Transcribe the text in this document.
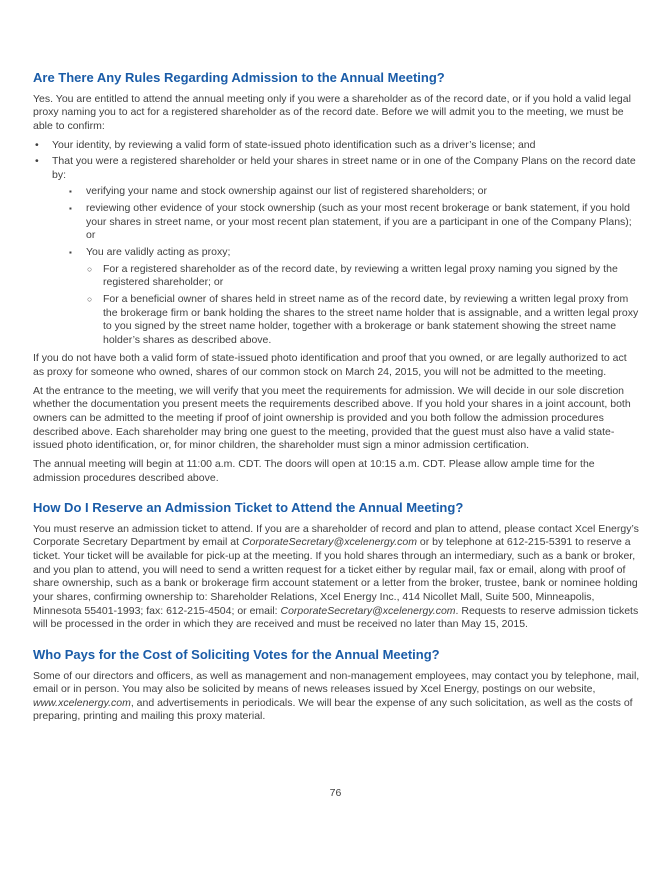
Are There Any Rules Regarding Admission to the Annual Meeting?

Yes. You are entitled to attend the annual meeting only if you were a shareholder as of the record date, or if you hold a valid legal proxy naming you to act for a registered shareholder as of the record date. Before we will admit you to the meeting, we must be able to confirm:

•	Your identity, by reviewing a valid form of state-issued photo identification such as a driver’s license; and
•	That you were a registered shareholder or held your shares in street name or in one of the Company Plans on the record date by:
▪	verifying your name and stock ownership against our list of registered shareholders; or
▪	reviewing other evidence of your stock ownership (such as your most recent brokerage or bank statement, if you hold your shares in street name, or your most recent plan statement, if you are a participant in one of the Company Plans); or
▪	You are validly acting as proxy;
○	For a registered shareholder as of the record date, by reviewing a written legal proxy naming you signed by the registered shareholder; or
○	For a beneficial owner of shares held in street name as of the record date, by reviewing a written legal proxy from the brokerage firm or bank holding the shares to the street name holder that is assignable, and a written legal proxy to you signed by the street name holder, together with a brokerage or bank statement showing the street name holder’s shares as described above.

If you do not have both a valid form of state-issued photo identification and proof that you owned, or are legally authorized to act as proxy for someone who owned, shares of our common stock on March 24, 2015, you will not be admitted to the meeting.

At the entrance to the meeting, we will verify that you meet the requirements for admission. We will decide in our sole discretion whether the documentation you present meets the requirements described above. If you hold your shares in a joint account, both owners can be admitted to the meeting if proof of joint ownership is provided and you both follow the admission procedures described above. Each shareholder may bring one guest to the meeting, provided that the guest must also have a valid state-issued photo identification, or, for minor children, the shareholder must sign a minor admission certification.

The annual meeting will begin at 11:00 a.m. CDT. The doors will open at 10:15 a.m. CDT. Please allow ample time for the admission procedures described above.

How Do I Reserve an Admission Ticket to Attend the Annual Meeting?

You must reserve an admission ticket to attend. If you are a shareholder of record and plan to attend, please contact Xcel Energy’s Corporate Secretary Department by email at CorporateSecretary@xcelenergy.com or by telephone at 612-215-5391 to reserve a ticket. Your ticket will be available for pick-up at the meeting. If you hold shares through an intermediary, such as a bank or broker, and you plan to attend, you will need to send a written request for a ticket either by regular mail, fax or email, along with proof of share ownership, such as a bank or brokerage firm account statement or a letter from the broker, trustee, bank or nominee holding your shares, confirming ownership to: Shareholder Relations, Xcel Energy Inc., 414 Nicollet Mall, Suite 500, Minneapolis, Minnesota 55401-1993; fax: 612-215-4504; or email: CorporateSecretary@xcelenergy.com. Requests to reserve admission tickets will be processed in the order in which they are received and must be received no later than May 15, 2015.

Who Pays for the Cost of Soliciting Votes for the Annual Meeting?

Some of our directors and officers, as well as management and non-management employees, may contact you by telephone, mail, email or in person. You may also be solicited by means of news releases issued by Xcel Energy, postings on our website, www.xcelenergy.com, and advertisements in periodicals. We will bear the expense of any such solicitation, as well as the costs of preparing, printing and mailing this proxy material.

76
